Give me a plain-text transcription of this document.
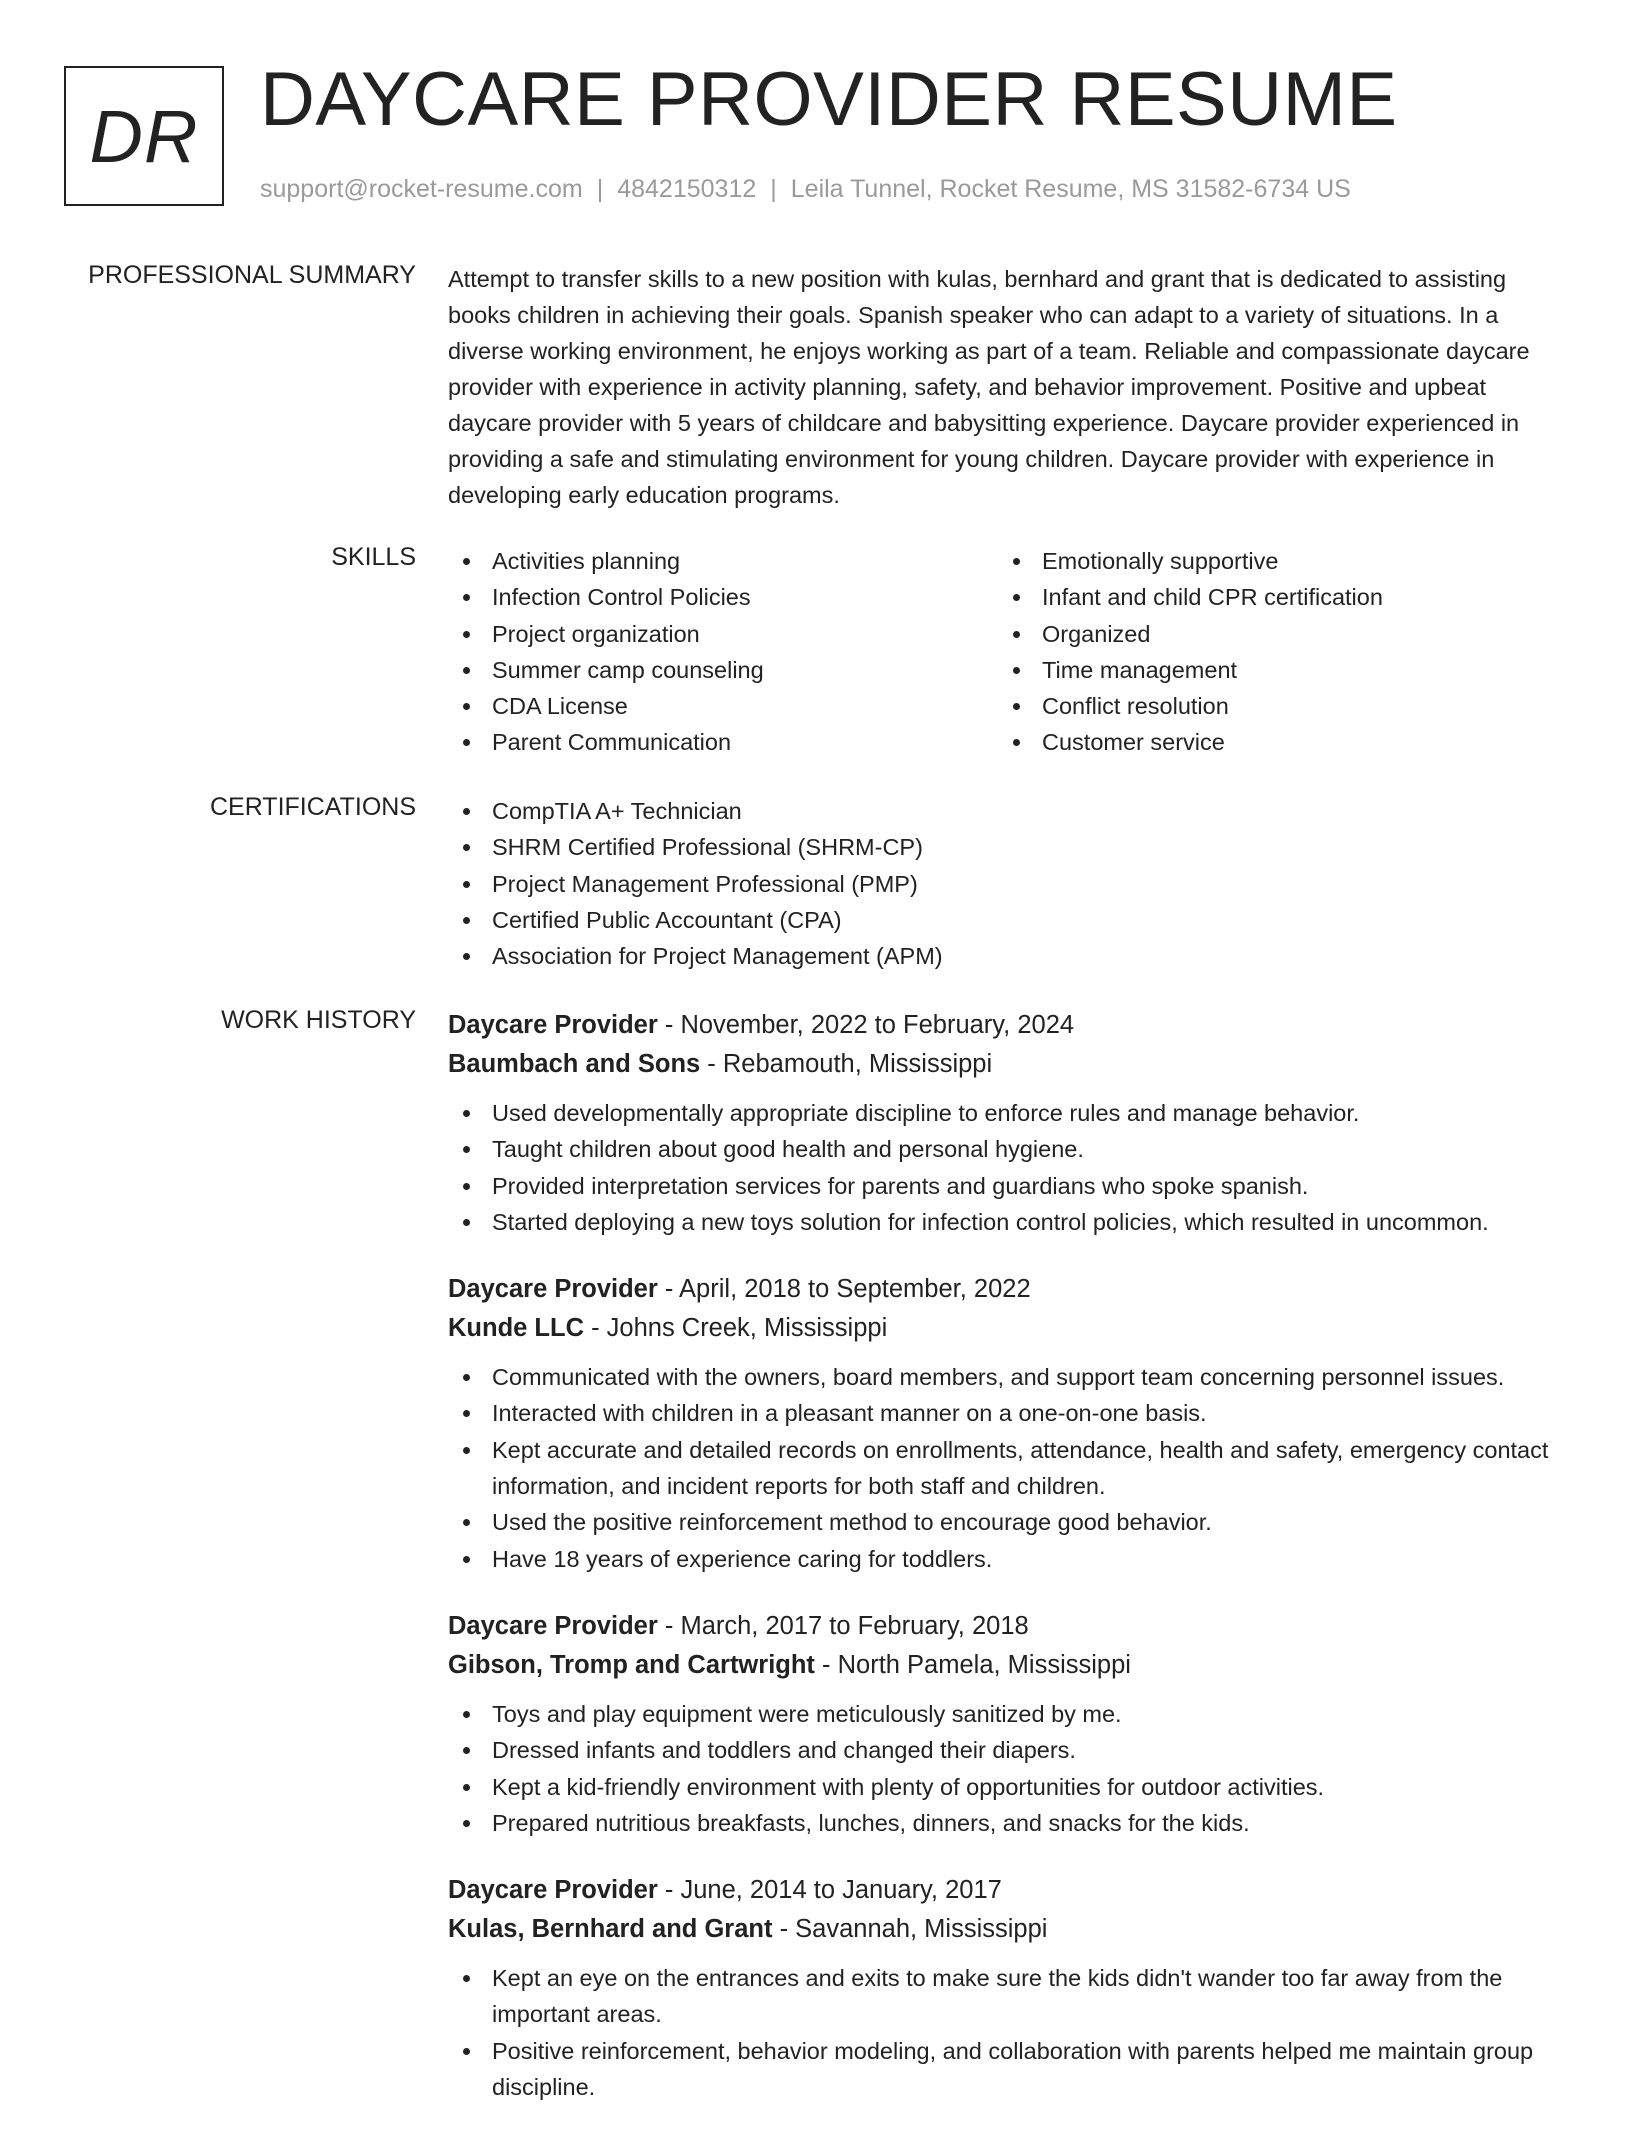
DR DAYCARE PROVIDER RESUME
support@rocket-resume.com | 4842150312 | Leila Tunnel, Rocket Resume, MS 31582-6734 US
PROFESSIONAL SUMMARY Attempt to transfer skills to a new position with kulas, bernhard and grant that is dedicated to assisting books children in achieving their goals. Spanish speaker who can adapt to a variety of situations. In a diverse working environment, he enjoys working as part of a team. Reliable and compassionate daycare provider with experience in activity planning, safety, and behavior improvement. Positive and upbeat daycare provider with 5 years of childcare and babysitting experience. Daycare provider experienced in providing a safe and stimulating environment for young children. Daycare provider with experience in developing early education programs.

SKILLS	Activities planning
Infection Control Policies
Project organization
Summer camp counseling
CDA License
Parent Communication
Emotionally supportive
Infant and child CPR certification
Organized
Time management
Conflict resolution
Customer service
CERTIFICATIONS	CompTIA A+ Technician
SHRM Certified Professional (SHRM-CP)
Project Management Professional (PMP)
Certified Public Accountant (CPA)
Association for Project Management (APM)
WORK HISTORY Daycare Provider - November, 2022 to February, 2024
Baumbach and Sons - Rebamouth, Mississippi
Used developmentally appropriate discipline to enforce rules and manage behavior.
Taught children about good health and personal hygiene.
Provided interpretation services for parents and guardians who spoke spanish.
Started deploying a new toys solution for infection control policies, which resulted in uncommon.
Daycare Provider - April, 2018 to September, 2022
Kunde LLC - Johns Creek, Mississippi
Communicated with the owners, board members, and support team concerning personnel issues.
Interacted with children in a pleasant manner on a one-on-one basis.
Kept accurate and detailed records on enrollments, attendance, health and safety, emergency contact information, and incident reports for both staff and children.
Used the positive reinforcement method to encourage good behavior.
Have 18 years of experience caring for toddlers.
Daycare Provider - March, 2017 to February, 2018
Gibson, Tromp and Cartwright - North Pamela, Mississippi
Toys and play equipment were meticulously sanitized by me.
Dressed infants and toddlers and changed their diapers.
Kept a kid-friendly environment with plenty of opportunities for outdoor activities.
Prepared nutritious breakfasts, lunches, dinners, and snacks for the kids.
Daycare Provider - June, 2014 to January, 2017
Kulas, Bernhard and Grant - Savannah, Mississippi
Kept an eye on the entrances and exits to make sure the kids didn't wander too far away from the important areas.
Positive reinforcement, behavior modeling, and collaboration with parents helped me maintain group discipline.
